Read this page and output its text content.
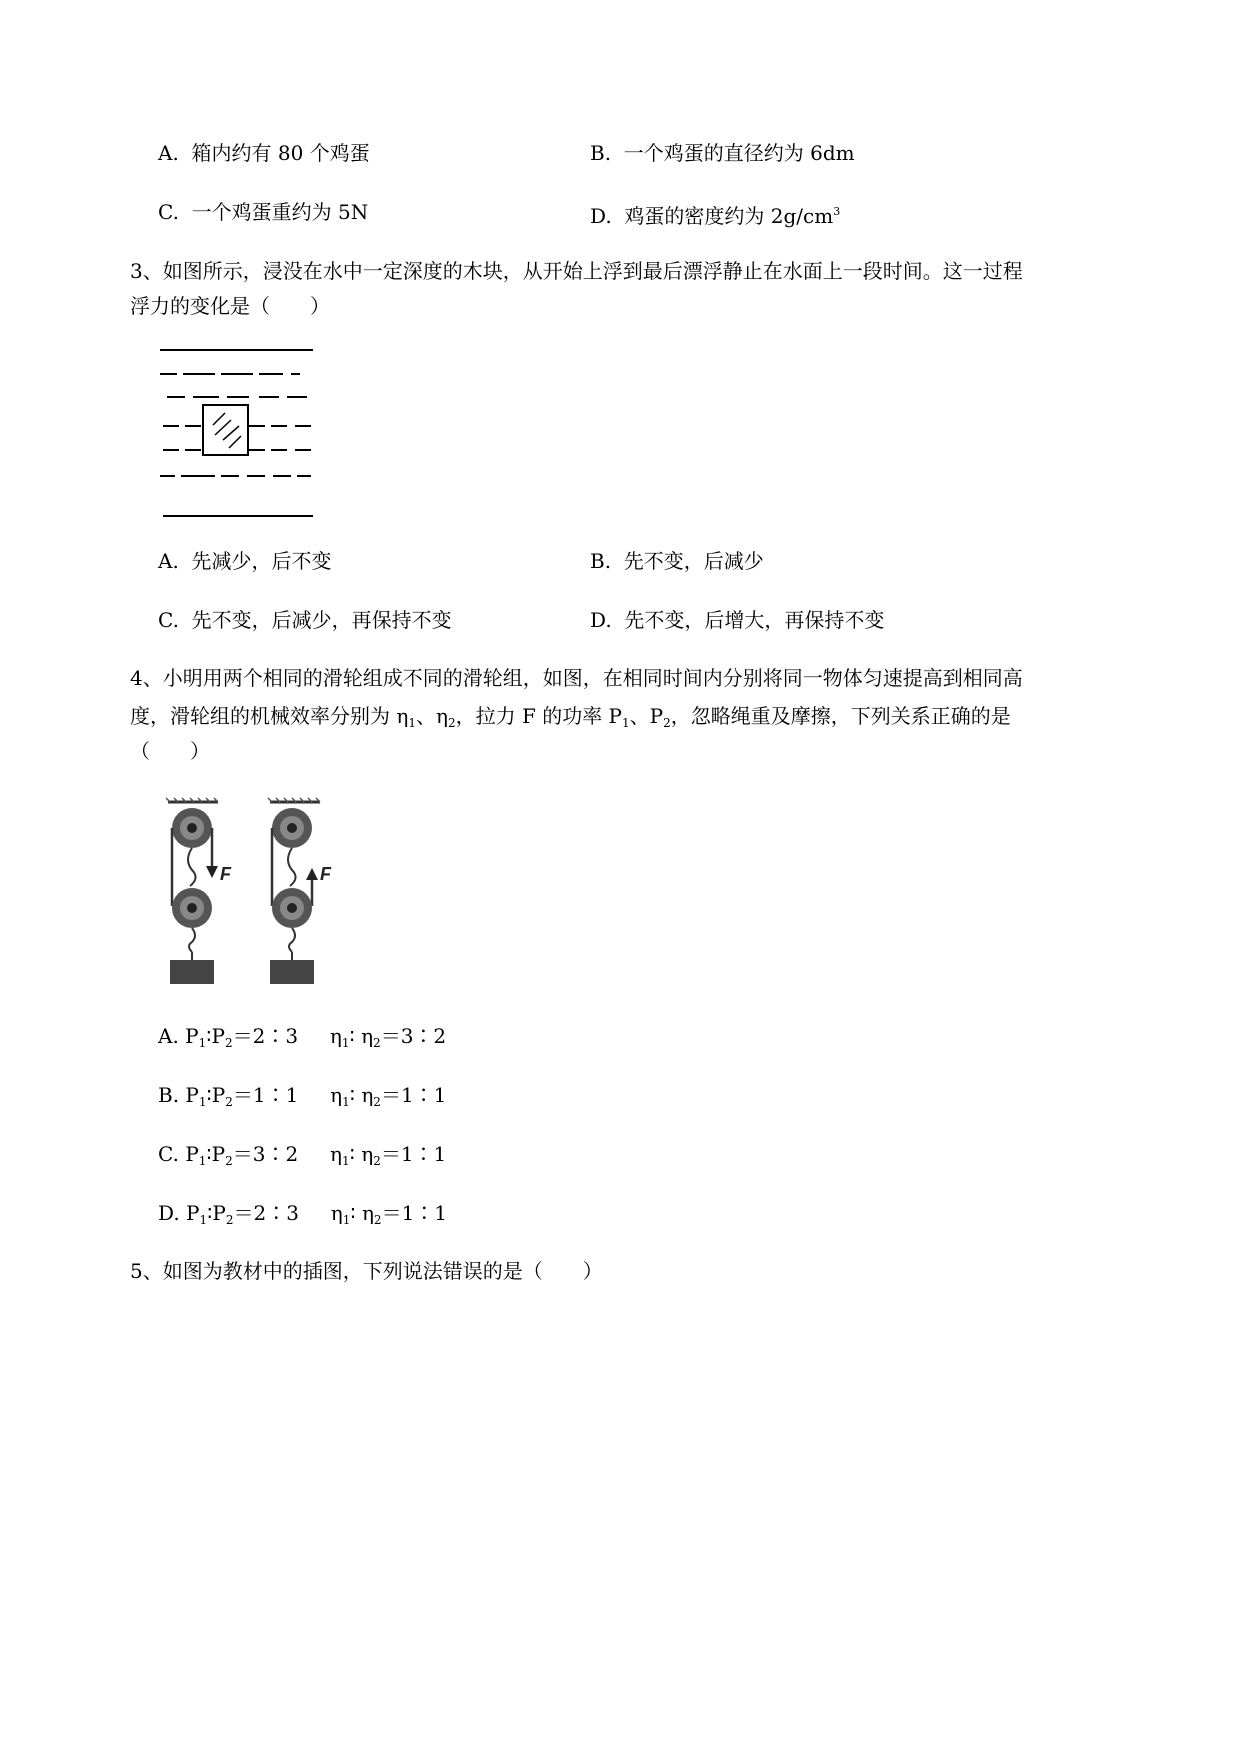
A. 箱内约有 80 个鸡蛋	B. 一个鸡蛋的直径约为 6dm
C. 一个鸡蛋重约为 5N	D. 鸡蛋的密度约为 $2g/cm^3$
3、如图所示，浸没在水中一定深度的木块，从开始上浮到最后漂浮静止在水面上一段时间。这一过程
浮力的变化是（　　）
A. 先减少，后不变	B. 先不变，后减少
C. 先不变，后减少，再保持不变	D. 先不变，后增大，再保持不变
4、小明用两个相同的滑轮组成不同的滑轮组，如图，在相同时间内分别将同一物体匀速提高到相同高
度，滑轮组的机械效率分别为 $\eta_1$、$\eta_2$，拉力 F 的功率 $P_1$、$P_2$，忽略绳重及摩擦，下列关系正确的是
（　　）
F	F
A. $P_1∶P_2=2∶3$ $\eta_1∶$ $\eta_2=3∶2$
B. $P_1∶P_2=1∶1$ $\eta_1∶$ $\eta_2=1∶1$
C. $P_1∶P_2=3∶2$ $\eta_1∶$ $\eta_2=1∶1$
D. $P_1∶P_2=2∶3$ $\eta_1∶$ $\eta_2=1∶1$
5、如图为教材中的插图，下列说法错误的是（　　）
